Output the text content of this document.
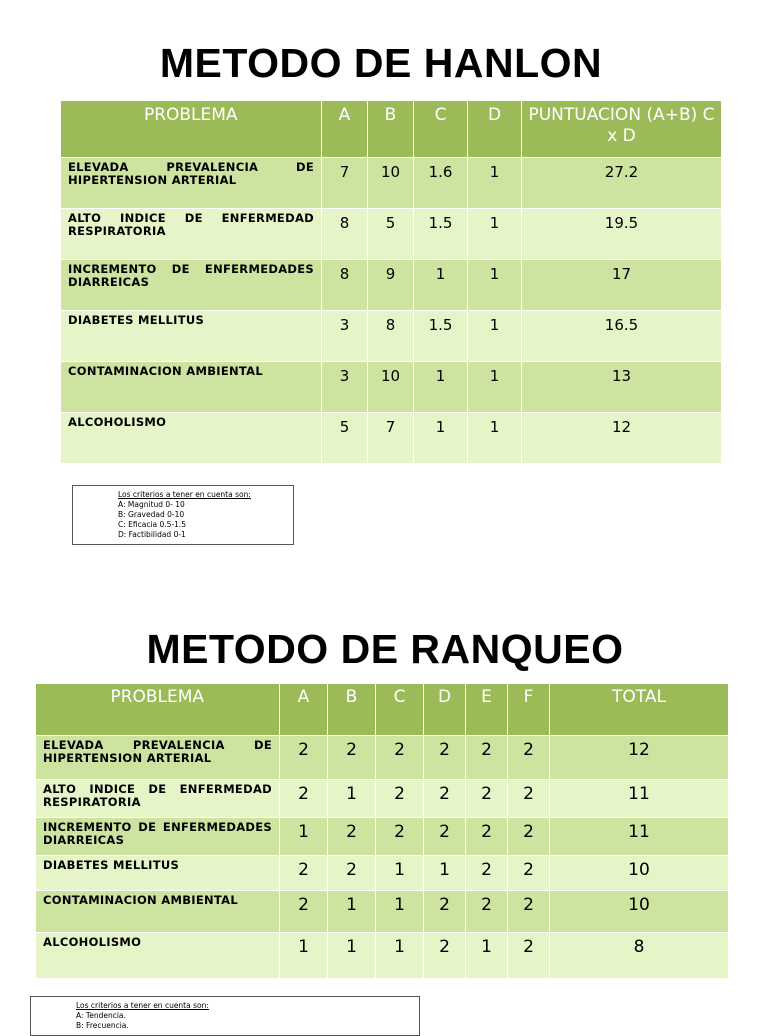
METODO DE HANLON
PROBLEMA	A	B	C	D	PUNTUACION (A+B) C x D
ELEVADA PREVALENCIA DE HIPERTENSION ARTERIAL	7	10	1.6	1	27.2
ALTO INDICE DE ENFERMEDAD RESPIRATORIA	8	5	1.5	1	19.5
INCREMENTO DE ENFERMEDADES DIARREICAS	8	9	1	1	17
DIABETES MELLITUS	3	8	1.5	1	16.5
CONTAMINACION AMBIENTAL	3	10	1	1	13
ALCOHOLISMO	5	7	1	1	12
Los criterios a tener en cuenta son:
A: Magnitud 0- 10
B: Gravedad 0-10
C: Eficacia 0.5-1.5
D: Factibilidad 0-1
METODO DE RANQUEO
PROBLEMA	A	B	C	D	E	F	TOTAL
ELEVADA PREVALENCIA DE HIPERTENSION ARTERIAL	2	2	2	2	2	2	12
ALTO INDICE DE ENFERMEDAD RESPIRATORIA	2	1	2	2	2	2	11
INCREMENTO DE ENFERMEDADES DIARREICAS	1	2	2	2	2	2	11
DIABETES MELLITUS	2	2	1	1	2	2	10
CONTAMINACION AMBIENTAL	2	1	1	2	2	2	10
ALCOHOLISMO	1	1	1	2	1	2	8
Los criterios a tener en cuenta son:
A: Tendencia.
B: Frecuencia.
